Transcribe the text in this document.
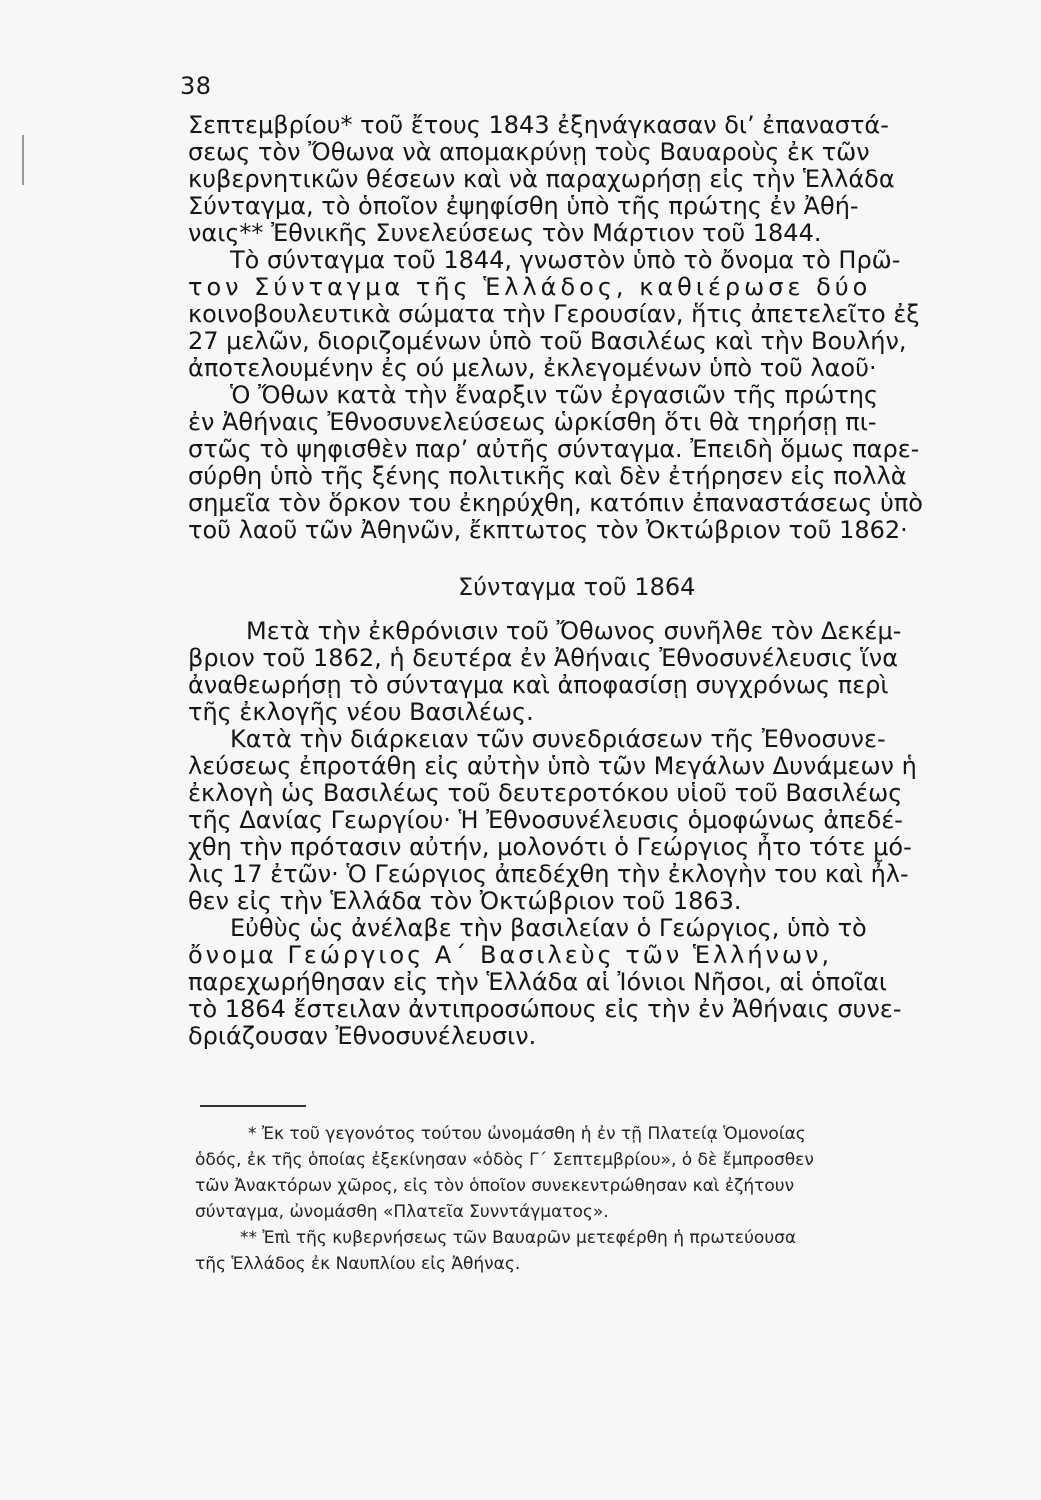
38
Σεπτεμβρίου* τοῦ ἔτους 1843 ἐξηνάγκασαν δι’ ἐπαναστά-
σεως τὸν Ὄθωνα νὰ απομακρύνῃ τοὺς Βαυαροὺς ἐκ τῶν
κυβερνητικῶν θέσεων καὶ νὰ παραχωρήσῃ εἰς τὴν Ἑλλάδα
Σύνταγμα, τὸ ὁποῖον ἐψηφίσθη ὑπὸ τῆς πρώτης ἐν Ἀθή-
ναις** Ἐθνικῆς Συνελεύσεως τὸν Μάρτιον τοῦ 1844.
Τὸ σύνταγμα τοῦ 1844, γνωστὸν ὑπὸ τὸ ὄνομα τὸ Πρῶ-
τον Σύνταγμα τῆς Ἑλλάδος, καθιέρωσε δύο
κοινοβουλευτικὰ σώματα τὴν Γερουσίαν, ἥτις ἀπετελεῖτο ἐξ
27 μελῶν, διοριζομένων ὑπὸ τοῦ Βασιλέως καὶ τὴν Βουλήν,
ἀποτελουμένην ἐς ού μελων, ἐκλεγομένων ὑπὸ τοῦ λαοῦ·
Ὁ Ὄθων κατὰ τὴν ἔναρξιν τῶν ἐργασιῶν τῆς πρώτης
ἐν Ἀθήναις Ἐθνοσυνελεύσεως ὡρκίσθη ὅτι θὰ τηρήσῃ πι-
στῶς τὸ ψηφισθὲν παρ’ αὐτῆς σύνταγμα. Ἐπειδὴ ὅμως παρε-
σύρθη ὑπὸ τῆς ξένης πολιτικῆς καὶ δὲν ἐτήρησεν εἰς πολλὰ
σημεῖα τὸν ὅρκον του ἐκηρύχθη, κατόπιν ἐπαναστάσεως ὑπὸ
τοῦ λαοῦ τῶν Ἀθηνῶν, ἔκπτωτος τὸν Ὀκτώβριον τοῦ 1862·
Σύνταγμα τοῦ 1864
Μετὰ τὴν ἐκθρόνισιν τοῦ Ὄθωνος συνῆλθε τὸν Δεκέμ-
βριον τοῦ 1862, ἡ δευτέρα ἐν Ἀθήναις Ἐθνοσυνέλευσις ἵνα
ἀναθεωρήσῃ τὸ σύνταγμα καὶ ἀποφασίσῃ συγχρόνως περὶ
τῆς ἐκλογῆς νέου Βασιλέως.
Κατὰ τὴν διάρκειαν τῶν συνεδριάσεων τῆς Ἐθνοσυνε-
λεύσεως ἐπροτάθη εἰς αὐτὴν ὑπὸ τῶν Μεγάλων Δυνάμεων ἡ
ἐκλογὴ ὡς Βασιλέως τοῦ δευτεροτόκου υἱοῦ τοῦ Βασιλέως
τῆς Δανίας Γεωργίου· Ἡ Ἐθνοσυνέλευσις ὁμοφώνως ἀπεδέ-
χθη τὴν πρότασιν αὐτήν, μολονότι ὁ Γεώργιος ἦτο τότε μό-
λις 17 ἐτῶν· Ὁ Γεώργιος ἀπεδέχθη τὴν ἐκλογὴν του καὶ ἦλ-
θεν εἰς τὴν Ἑλλάδα τὸν Ὀκτώβριον τοῦ 1863.
Εὐθὺς ὡς ἀνέλαβε τὴν βασιλείαν ὁ Γεώργιος, ὑπὸ τὸ
ὄνομα Γεώργιος Α΄ Βασιλεὺς τῶν Ἑλλήνων,
παρεχωρήθησαν εἰς τὴν Ἑλλάδα αἱ Ἰόνιοι Νῆσοι, αἱ ὁποῖαι
τὸ 1864 ἔστειλαν ἀντιπροσώπους εἰς τὴν ἐν Ἀθήναις συνε-
δριάζουσαν Ἐθνοσυνέλευσιν.
* Ἐκ τοῦ γεγονότος τούτου ὠνομάσθη ἡ ἐν τῇ Πλατείᾳ Ὁμονοίας
ὁδός, ἐκ τῆς ὁποίας ἐξεκίνησαν «ὁδὸς Γ΄ Σεπτεμβρίου», ὁ δὲ ἔμπροσθεν
τῶν Ἀνακτόρων χῶρος, εἰς τὸν ὁποῖον συνεκεντρώθησαν καὶ ἐζήτουν
σύνταγμα, ὠνομάσθη «Πλατεῖα Συνντάγματος».
** Ἐπὶ τῆς κυβερνήσεως τῶν Βαυαρῶν μετεφέρθη ἡ πρωτεύουσα
τῆς Ἑλλάδος ἐκ Ναυπλίου εἰς Ἀθήνας.
